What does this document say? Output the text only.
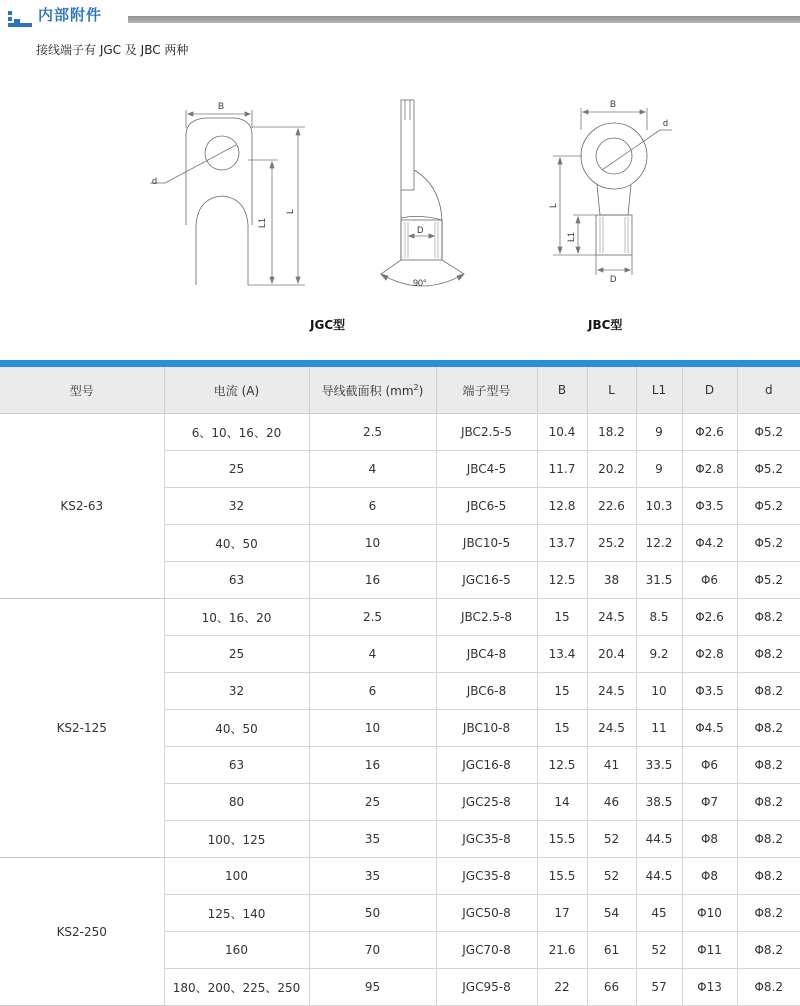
内部附件
接线端子有 JGC 及 JBC 两种
B
d
L1
L
D
90°
B
d
L
L1
D
JGC型	JBC型
型号	电流 (A)	导线截面积 $(mm^2)$	端子型号	B	L	L1	D	d
KS2-63	6、10、16、20	2.5	JBC2.5-5	10.4	18.2	9	Φ2.6	Φ5.2
	25	4	JBC4-5	11.7	20.2	9	Φ2.8	Φ5.2
	32	6	JBC6-5	12.8	22.6	10.3	Φ3.5	Φ5.2
	40、50	10	JBC10-5	13.7	25.2	12.2	Φ4.2	Φ5.2
	63	16	JGC16-5	12.5	38	31.5	Φ6	Φ5.2
KS2-125	10、16、20	2.5	JBC2.5-8	15	24.5	8.5	Φ2.6	Φ8.2
	25	4	JBC4-8	13.4	20.4	9.2	Φ2.8	Φ8.2
	32	6	JBC6-8	15	24.5	10	Φ3.5	Φ8.2
	40、50	10	JBC10-8	15	24.5	11	Φ4.5	Φ8.2
	63	16	JGC16-8	12.5	41	33.5	Φ6	Φ8.2
	80	25	JGC25-8	14	46	38.5	Φ7	Φ8.2
	100、125	35	JGC35-8	15.5	52	44.5	Φ8	Φ8.2
KS2-250	100	35	JGC35-8	15.5	52	44.5	Φ8	Φ8.2
	125、140	50	JGC50-8	17	54	45	Φ10	Φ8.2
	160	70	JGC70-8	21.6	61	52	Φ11	Φ8.2
	180、200、225、250	95	JGC95-8	22	66	57	Φ13	Φ8.2
